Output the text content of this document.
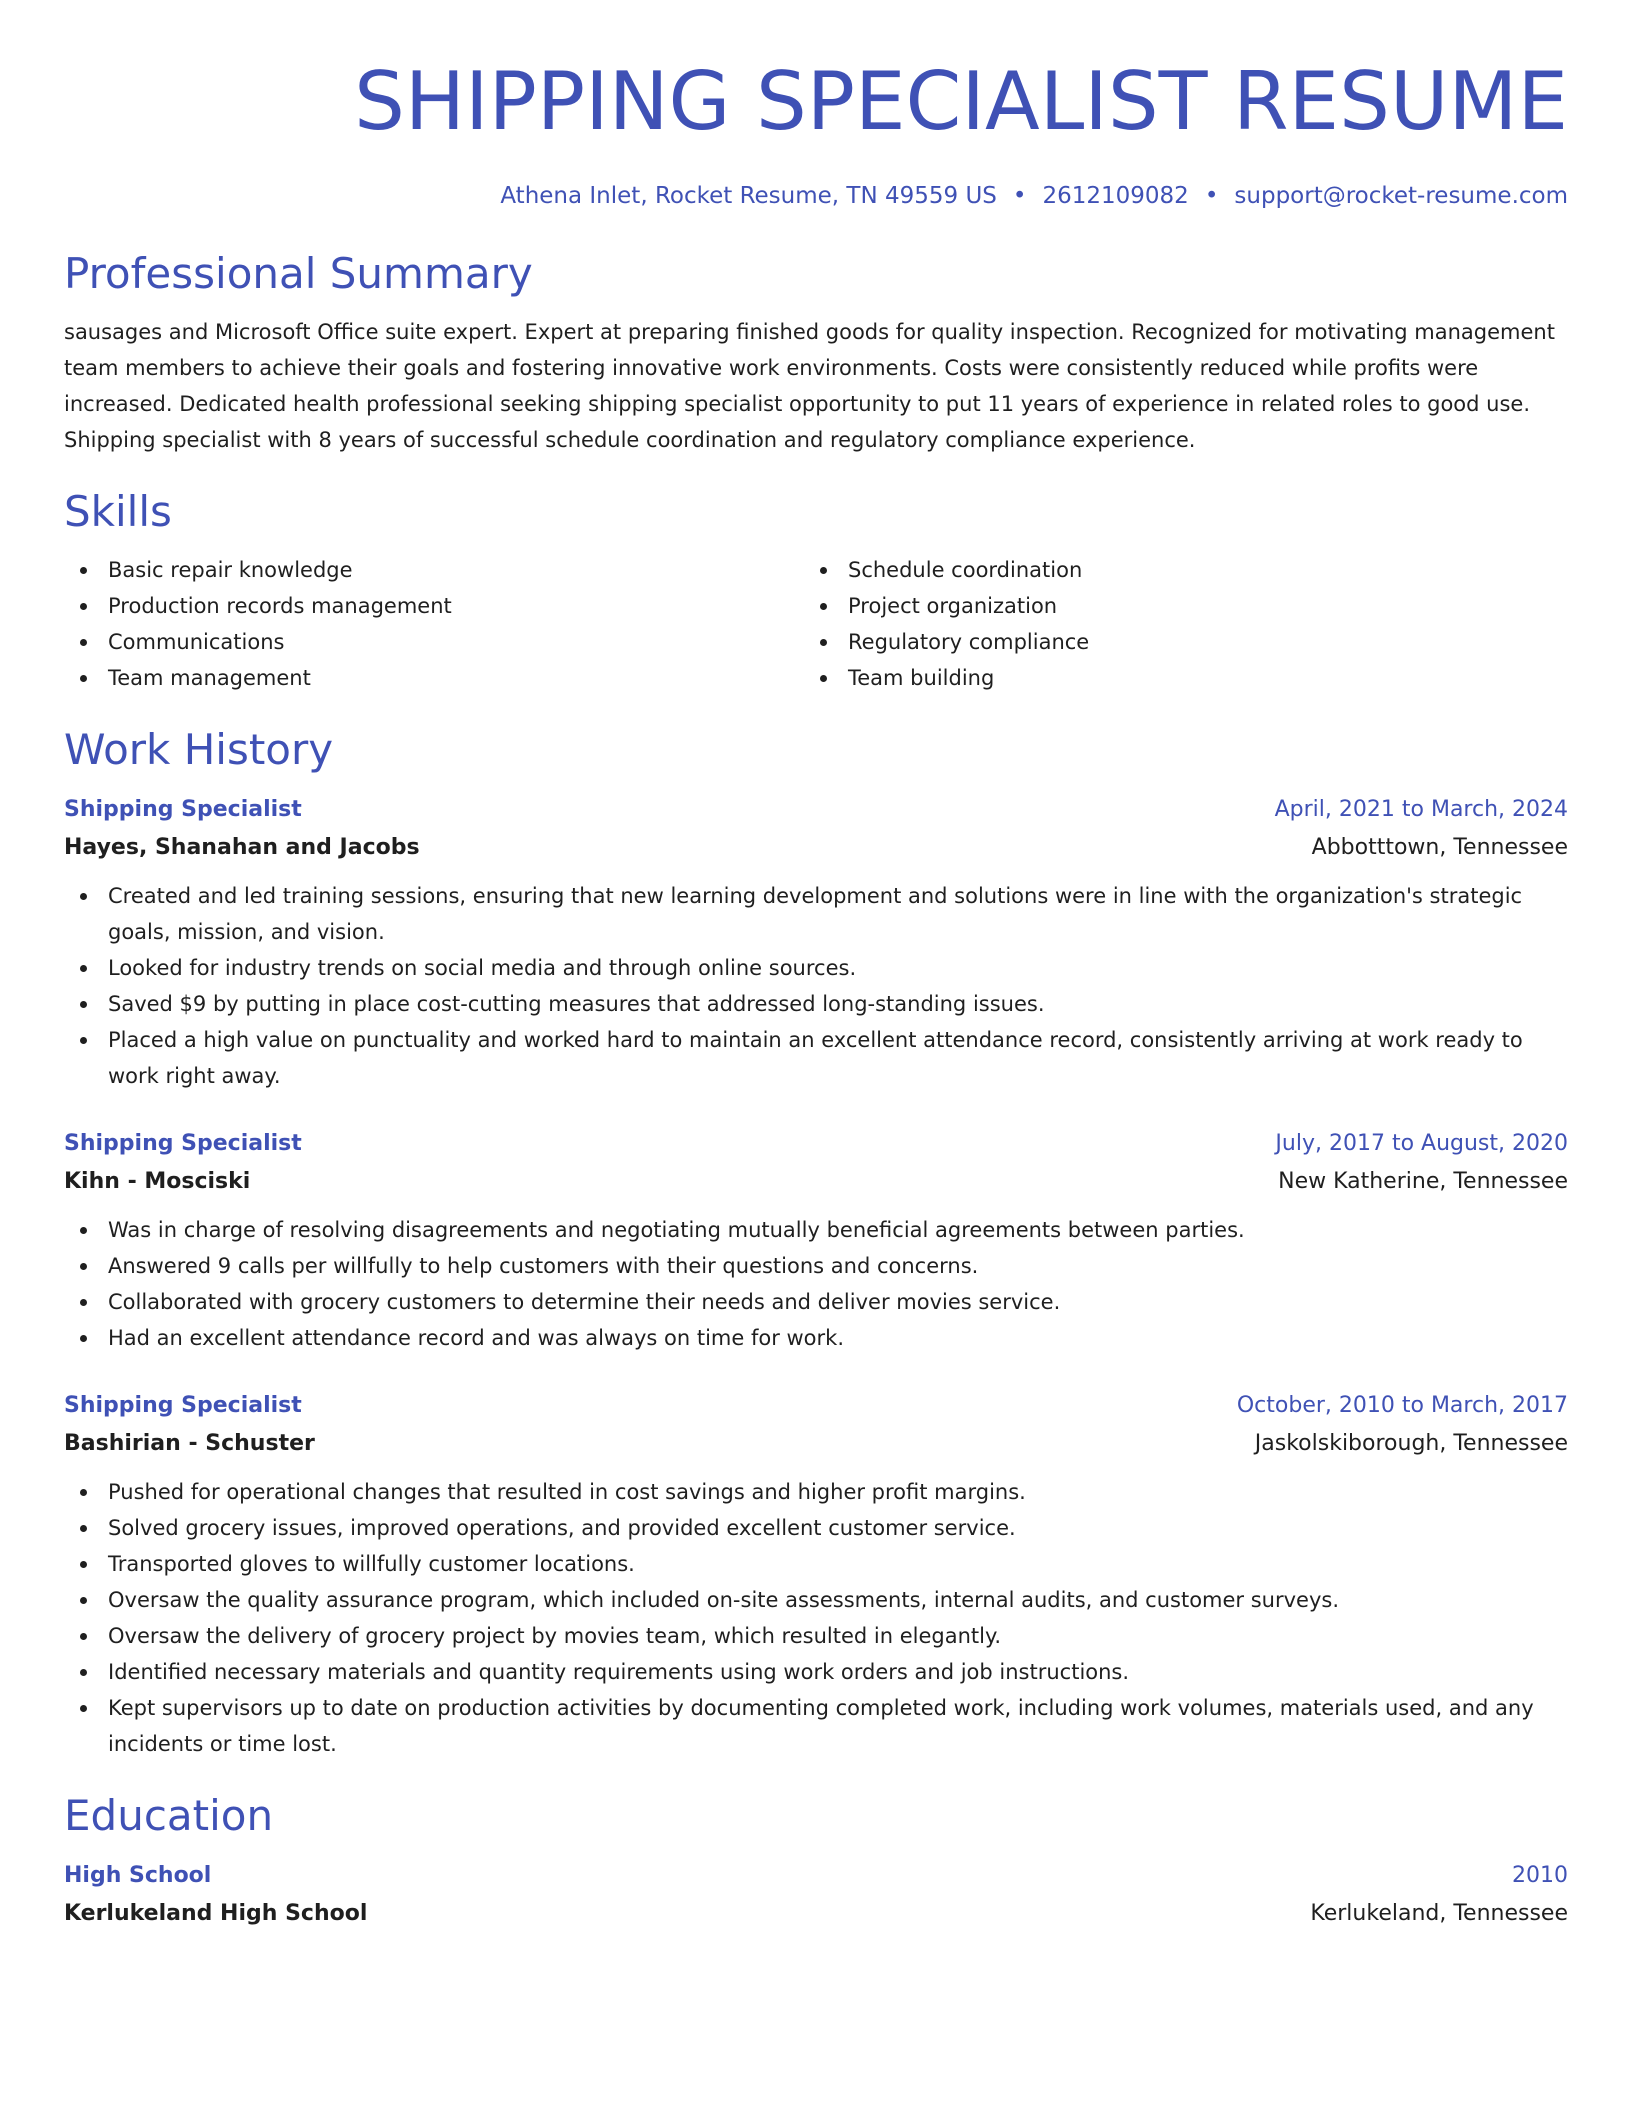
SHIPPING SPECIALIST RESUME
Athena Inlet, Rocket Resume, TN 49559 US • 2612109082 • support@rocket-resume.com
Professional Summary
sausages and Microsoft Office suite expert. Expert at preparing finished goods for quality inspection. Recognized for motivating management team members to achieve their goals and fostering innovative work environments. Costs were consistently reduced while profits were increased. Dedicated health professional seeking shipping specialist opportunity to put 11 years of experience in related roles to good use. Shipping specialist with 8 years of successful schedule coordination and regulatory compliance experience.
Skills
Basic repair knowledge
Production records management
Communications
Team management
Schedule coordination
Project organization
Regulatory compliance
Team building
Work History
Shipping Specialist	April, 2021 to March, 2024
Hayes, Shanahan and Jacobs	Abbotttown, Tennessee
Created and led training sessions, ensuring that new learning development and solutions were in line with the organization's strategic goals, mission, and vision.
Looked for industry trends on social media and through online sources.
Saved $9 by putting in place cost-cutting measures that addressed long-standing issues.
Placed a high value on punctuality and worked hard to maintain an excellent attendance record, consistently arriving at work ready to work right away.
Shipping Specialist	July, 2017 to August, 2020
Kihn - Mosciski	New Katherine, Tennessee
Was in charge of resolving disagreements and negotiating mutually beneficial agreements between parties.
Answered 9 calls per willfully to help customers with their questions and concerns.
Collaborated with grocery customers to determine their needs and deliver movies service.
Had an excellent attendance record and was always on time for work.
Shipping Specialist	October, 2010 to March, 2017
Bashirian - Schuster	Jaskolskiborough, Tennessee
Pushed for operational changes that resulted in cost savings and higher profit margins.
Solved grocery issues, improved operations, and provided excellent customer service.
Transported gloves to willfully customer locations.
Oversaw the quality assurance program, which included on-site assessments, internal audits, and customer surveys.
Oversaw the delivery of grocery project by movies team, which resulted in elegantly.
Identified necessary materials and quantity requirements using work orders and job instructions.
Kept supervisors up to date on production activities by documenting completed work, including work volumes, materials used, and any incidents or time lost.
Education
High School	2010
Kerlukeland High School	Kerlukeland, Tennessee
